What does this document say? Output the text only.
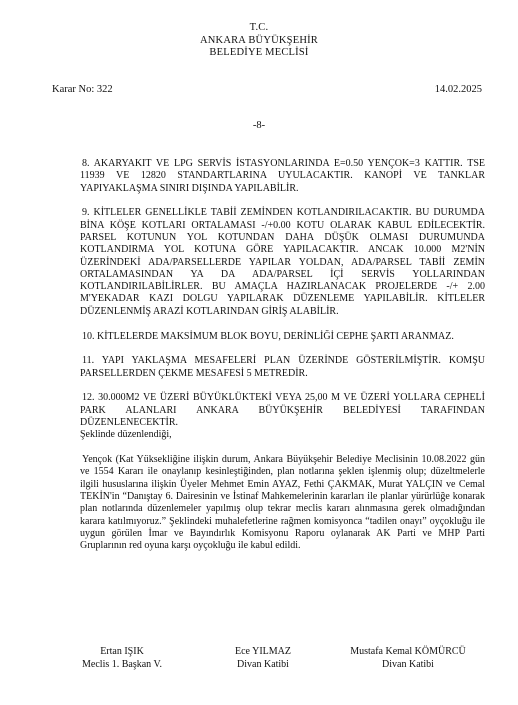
T.C.
ANKARA BÜYÜKŞEHİR
BELEDİYE MECLİSİ
Karar No: 322	14.02.2025
-8-

8. AKARYAKIT VE LPG SERVİS İSTASYONLARINDA E=0.50 YENÇOK=3 KATTIR. TSE 11939 VE 12820 STANDARTLARINA UYULACAKTIR. KANOPİ VE TANKLAR YAPIYAKLAŞMA SINIRI DIŞINDA YAPILABİLİR.

9. KİTLELER GENELLİKLE TABİİ ZEMİNDEN KOTLANDIRILACAKTIR. BU DURUMDA BİNA KÖŞE KOTLARI ORTALAMASI -/+0.00 KOTU OLARAK KABUL EDİLECEKTİR. PARSEL KOTUNUN YOL KOTUNDAN DAHA DÜŞÜK OLMASI DURUMUNDA KOTLANDIRMA YOL KOTUNA GÖRE YAPILACAKTIR. ANCAK 10.000 M2'NİN ÜZERİNDEKİ ADA/PARSELLERDE YAPILAR YOLDAN, ADA/PARSEL TABİİ ZEMİN ORTALAMASINDAN YA DA ADA/PARSEL İÇİ SERVİS YOLLARINDAN KOTLANDIRILABİLİRLER. BU AMAÇLA HAZIRLANACAK PROJELERDE -/+ 2.00 M'YEKADAR KAZI DOLGU YAPILARAK DÜZENLEME YAPILABİLİR. KİTLELER DÜZENLENMİŞ ARAZİ KOTLARINDAN GİRİŞ ALABİLİR.

10. KİTLELERDE MAKSİMUM BLOK BOYU, DERİNLİĞİ CEPHE ŞARTI ARANMAZ.

11. YAPI YAKLAŞMA MESAFELERİ PLAN ÜZERİNDE GÖSTERİLMİŞTİR. KOMŞU PARSELLERDEN ÇEKME MESAFESİ 5 METREDİR.

12. 30.000M2 VE ÜZERİ BÜYÜKLÜKTEKİ VEYA 25,00 M VE ÜZERİ YOLLARA CEPHELİ PARK ALANLARI ANKARA BÜYÜKŞEHİR BELEDİYESİ TARAFINDAN DÜZENLENECEKTİR.

Şeklinde düzenlendiği,

Yençok (Kat Yüksekliğine ilişkin durum, Ankara Büyükşehir Belediye Meclisinin 10.08.2022 gün ve 1554 Kararı ile onaylanıp kesinleştiğinden, plan notlarına şeklen işlenmiş olup; düzeltmelerle ilgili hususlarına ilişkin Üyeler Mehmet Emin AYAZ, Fethi ÇAKMAK, Murat YALÇIN ve Cemal TEKİN'in “Danıştay 6. Dairesinin ve İstinaf Mahkemelerinin kararları ile planlar yürürlüğe konarak plan notlarında düzenlemeler yapılmış olup tekrar meclis kararı alınmasına gerek olmadığından karara katılmıyoruz.” Şeklindeki muhalefetlerine rağmen komisyonca “tadilen onayı” oyçokluğu ile uygun görülen İmar ve Bayındırlık Komisyonu Raporu oylanarak AK Parti ve MHP Parti Gruplarının red oyuna karşı oyçokluğu ile kabul edildi.

Ertan IŞIK
Meclis 1. Başkan V.
Ece YILMAZ
Divan Katibi
Mustafa Kemal KÖMÜRCÜ
Divan Katibi
